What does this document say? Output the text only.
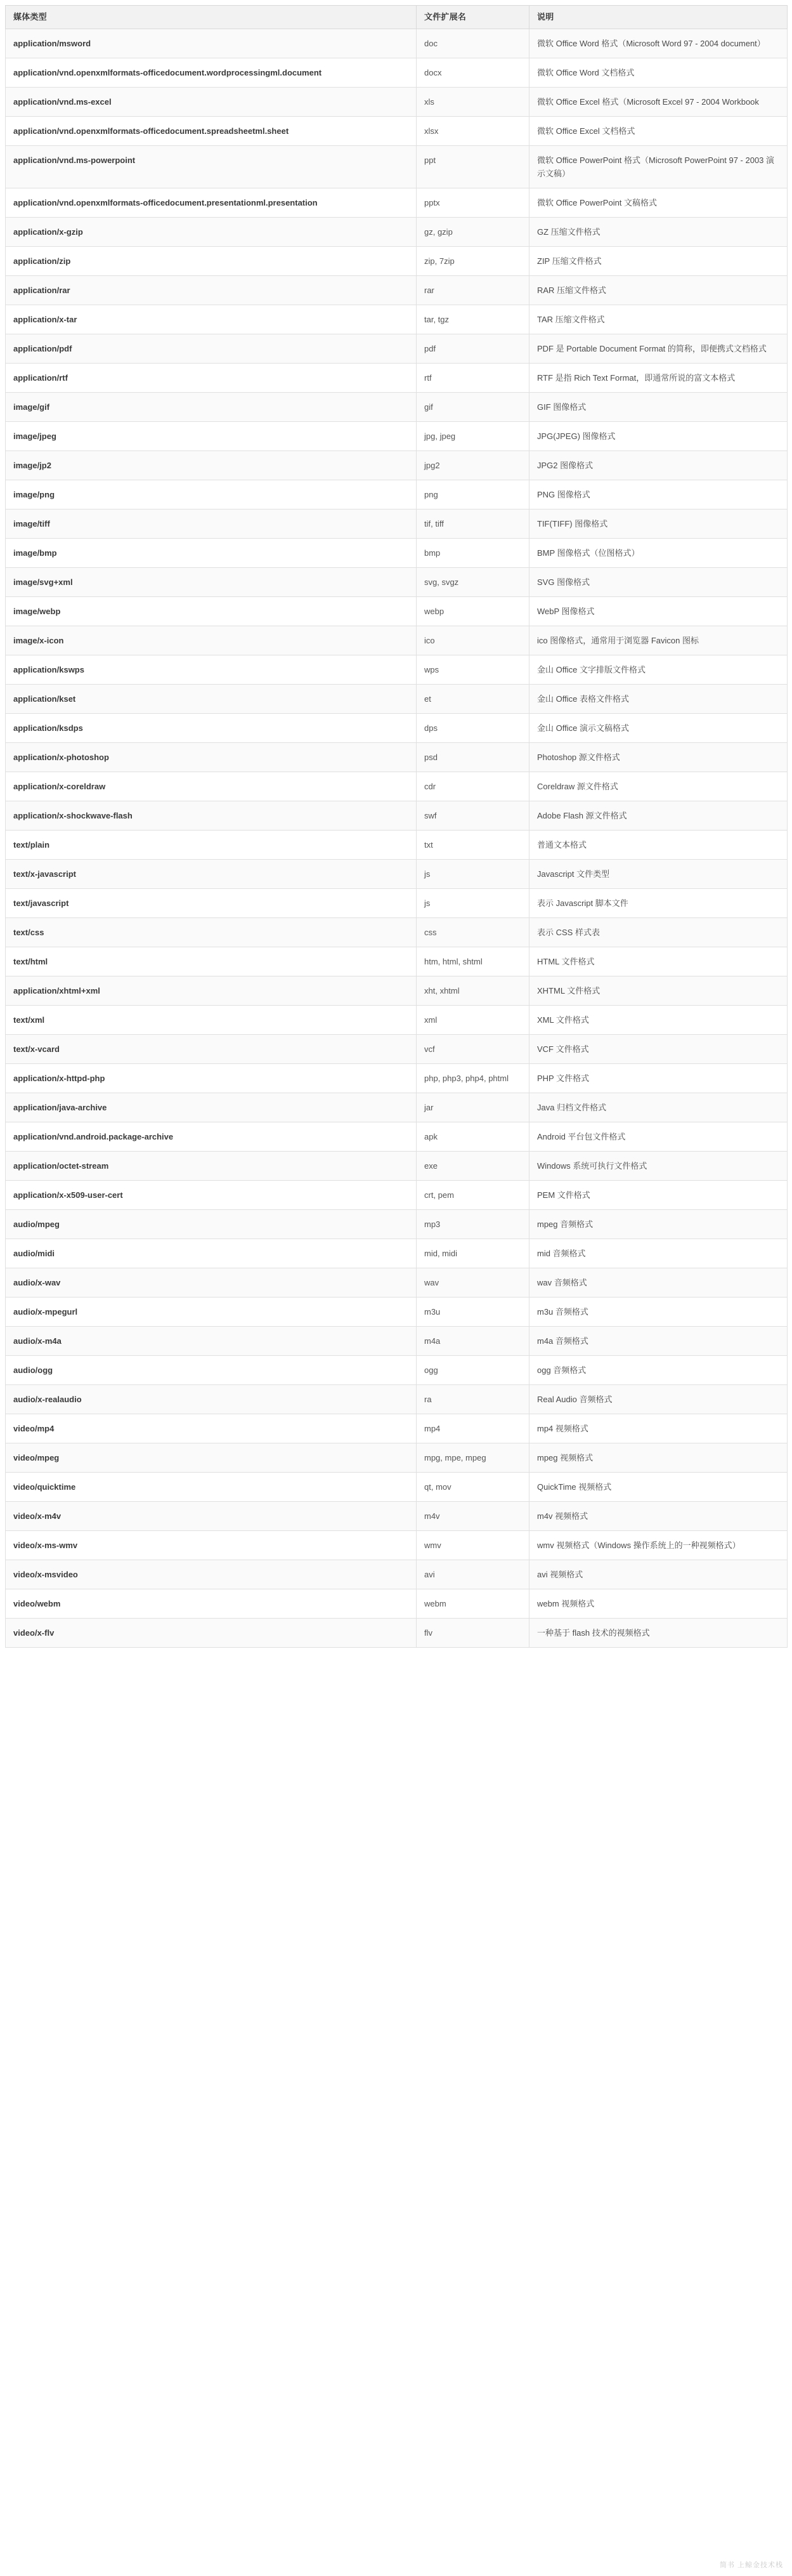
媒体类型	文件扩展名	说明
application/msword	doc	微软 Office Word 格式（Microsoft Word 97 - 2004 document）
application/vnd.openxmlformats-officedocument.wordprocessingml.document	docx	微软 Office Word 文档格式
application/vnd.ms-excel	xls	微软 Office Excel 格式（Microsoft Excel 97 - 2004 Workbook
application/vnd.openxmlformats-officedocument.spreadsheetml.sheet	xlsx	微软 Office Excel 文档格式
application/vnd.ms-powerpoint	ppt	微软 Office PowerPoint 格式（Microsoft PowerPoint 97 - 2003 演示文稿）
application/vnd.openxmlformats-officedocument.presentationml.presentation	pptx	微软 Office PowerPoint 文稿格式
application/x-gzip	gz, gzip	GZ 压缩文件格式
application/zip	zip, 7zip	ZIP 压缩文件格式
application/rar	rar	RAR 压缩文件格式
application/x-tar	tar, tgz	TAR 压缩文件格式
application/pdf	pdf	PDF 是 Portable Document Format 的简称，即便携式文档格式
application/rtf	rtf	RTF 是指 Rich Text Format，即通常所说的富文本格式
image/gif	gif	GIF 图像格式
image/jpeg	jpg, jpeg	JPG(JPEG) 图像格式
image/jp2	jpg2	JPG2 图像格式
image/png	png	PNG 图像格式
image/tiff	tif, tiff	TIF(TIFF) 图像格式
image/bmp	bmp	BMP 图像格式（位图格式）
image/svg+xml	svg, svgz	SVG 图像格式
image/webp	webp	WebP 图像格式
image/x-icon	ico	ico 图像格式，通常用于浏览器 Favicon 图标
application/kswps	wps	金山 Office 文字排版文件格式
application/kset	et	金山 Office 表格文件格式
application/ksdps	dps	金山 Office 演示文稿格式
application/x-photoshop	psd	Photoshop 源文件格式
application/x-coreldraw	cdr	Coreldraw 源文件格式
application/x-shockwave-flash	swf	Adobe Flash 源文件格式
text/plain	txt	普通文本格式
text/x-javascript	js	Javascript 文件类型
text/javascript	js	表示 Javascript 脚本文件
text/css	css	表示 CSS 样式表
text/html	htm, html, shtml	HTML 文件格式
application/xhtml+xml	xht, xhtml	XHTML 文件格式
text/xml	xml	XML 文件格式
text/x-vcard	vcf	VCF 文件格式
application/x-httpd-php	php, php3, php4, phtml	PHP 文件格式
application/java-archive	jar	Java 归档文件格式
application/vnd.android.package-archive	apk	Android 平台包文件格式
application/octet-stream	exe	Windows 系统可执行文件格式
application/x-x509-user-cert	crt, pem	PEM 文件格式
audio/mpeg	mp3	mpeg 音频格式
audio/midi	mid, midi	mid 音频格式
audio/x-wav	wav	wav 音频格式
audio/x-mpegurl	m3u	m3u 音频格式
audio/x-m4a	m4a	m4a 音频格式
audio/ogg	ogg	ogg 音频格式
audio/x-realaudio	ra	Real Audio 音频格式
video/mp4	mp4	mp4 视频格式
video/mpeg	mpg, mpe, mpeg	mpeg 视频格式
video/quicktime	qt, mov	QuickTime 视频格式
video/x-m4v	m4v	m4v 视频格式
video/x-ms-wmv	wmv	wmv 视频格式（Windows 操作系统上的一种视频格式）
video/x-msvideo	avi	avi 视频格式
video/webm	webm	webm 视频格式
video/x-flv	flv	一种基于 flash 技术的视频格式
简书 上鲸金技术栈
